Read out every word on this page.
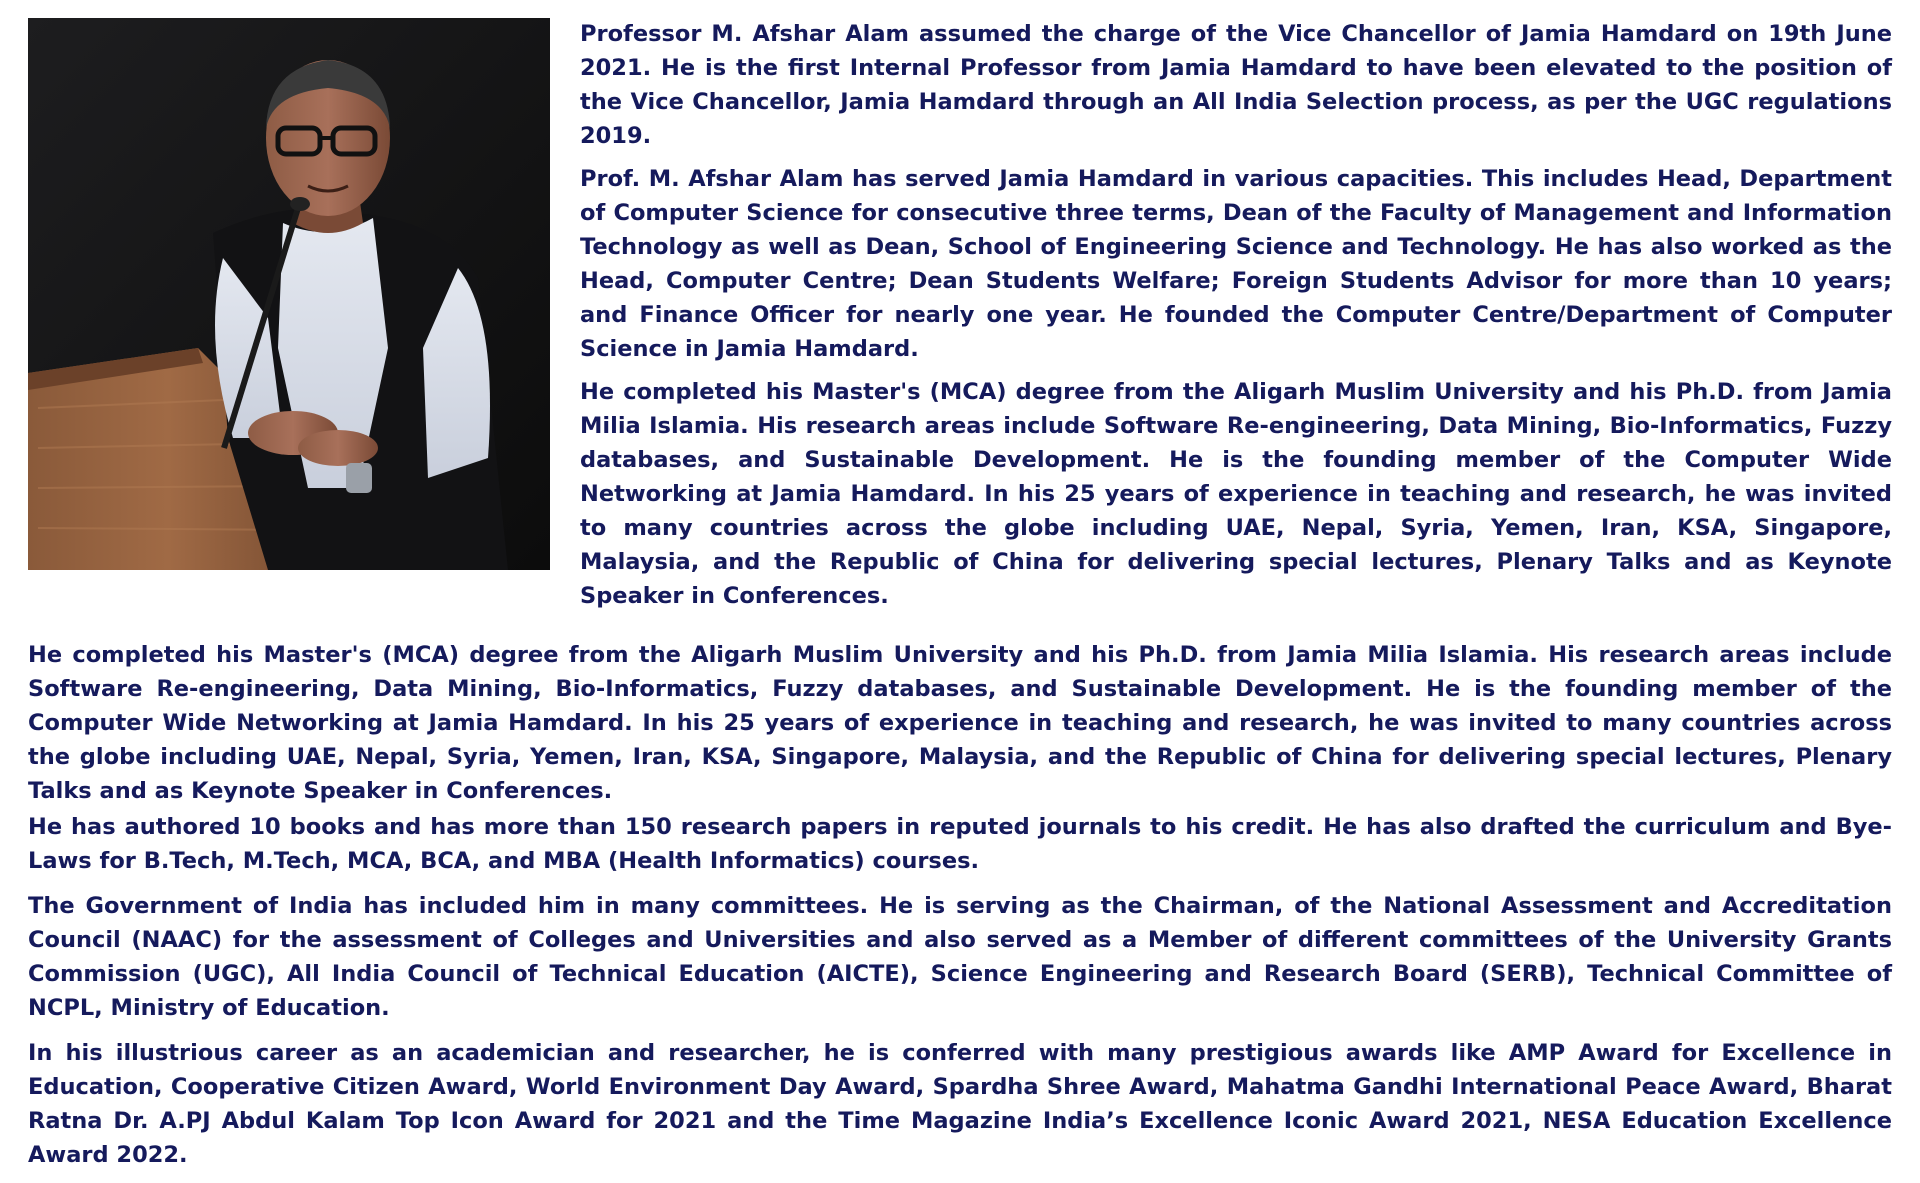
Professor M. Afshar Alam assumed the charge of the Vice Chancellor of Jamia Hamdard on 19th June 2021. He is the first Internal Professor from Jamia Hamdard to have been elevated to the position of the Vice Chancellor, Jamia Hamdard through an All India Selection process, as per the UGC regulations 2019.

Prof. M. Afshar Alam has served Jamia Hamdard in various capacities. This includes Head, Department of Computer Science for consecutive three terms, Dean of the Faculty of Management and Information Technology as well as Dean, School of Engineering Science and Technology. He has also worked as the Head, Computer Centre; Dean Students Welfare; Foreign Students Advisor for more than 10 years; and Finance Officer for nearly one year. He founded the Computer Centre/Department of Computer Science in Jamia Hamdard.

He completed his Master's (MCA) degree from the Aligarh Muslim University and his Ph.D. from Jamia Milia Islamia. His research areas include Software Re-engineering, Data Mining, Bio-Informatics, Fuzzy databases, and Sustainable Development. He is the founding member of the Computer Wide Networking at Jamia Hamdard. In his 25 years of experience in teaching and research, he was invited to many countries across the globe including UAE, Nepal, Syria, Yemen, Iran, KSA, Singapore, Malaysia, and the Republic of China for delivering special lectures, Plenary Talks and as Keynote Speaker in Conferences.

He completed his Master's (MCA) degree from the Aligarh Muslim University and his Ph.D. from Jamia Milia Islamia. His research areas include Software Re-engineering, Data Mining, Bio-Informatics, Fuzzy databases, and Sustainable Development. He is the founding member of the Computer Wide Networking at Jamia Hamdard. In his 25 years of experience in teaching and research, he was invited to many countries across the globe including UAE, Nepal, Syria, Yemen, Iran, KSA, Singapore, Malaysia, and the Republic of China for delivering special lectures, Plenary Talks and as Keynote Speaker in Conferences.

He has authored 10 books and has more than 150 research papers in reputed journals to his credit. He has also drafted the curriculum and Bye-Laws for B.Tech, M.Tech, MCA, BCA, and MBA (Health Informatics) courses.

The Government of India has included him in many committees. He is serving as the Chairman, of the National Assessment and Accreditation Council (NAAC) for the assessment of Colleges and Universities and also served as a Member of different committees of the University Grants Commission (UGC), All India Council of Technical Education (AICTE), Science Engineering and Research Board (SERB), Technical Committee of NCPL, Ministry of Education.

In his illustrious career as an academician and researcher, he is conferred with many prestigious awards like AMP Award for Excellence in Education, Cooperative Citizen Award, World Environment Day Award, Spardha Shree Award, Mahatma Gandhi International Peace Award, Bharat Ratna Dr. A.PJ Abdul Kalam Top Icon Award for 2021 and the Time Magazine India’s Excellence Iconic Award 2021, NESA Education Excellence Award 2022.
